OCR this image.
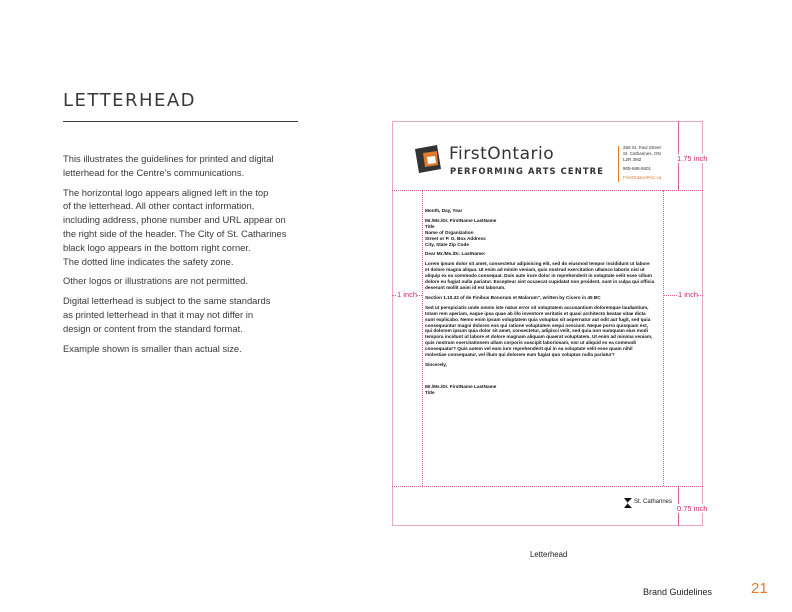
LETTERHEAD

This illustrates the guidelines for printed and digital
letterhead for the Centre’s communications.

The horizontal logo appears aligned left in the top
of the letterhead. All other contact information,
including address, phone number and URL appear on
the right side of the header. The City of St. Catharines
black logo appears in the bottom right corner.
The dotted line indicates the safety zone.

Other logos or illustrations are not permitted.

Digital letterhead is subject to the same standards
as printed letterhead in that it may not differ in
design or content from the standard format.

Example shown is smaller than actual size.

1.75 inch
1 inch	1 inch
0.75 inch
FirstOntario
PERFORMING ARTS CENTRE
250 St. Paul Street
St. Catharines, ON
L2R 3M2
905-688-5601
FirstOntarioPAC.ca
Month, Day, Year
Mr./Ms./Dr. FirstName LastName
Title
Name of Organization
Street or P. O. Box Address
City, State Zip Code
Dear Mr./Ms./Dr. LastName:
Lorem ipsum dolor sit amet, consectetur adipisicing elit, sed do eiusmod tempor incididunt ut labore et dolore magna aliqua. Ut enim ad minim veniam, quis nostrud exercitation ullamco laboris nisi ut aliquip ex ea commodo consequat. Duis aute irure dolor in reprehenderit in voluptate velit esse cillum dolore eu fugiat nulla pariatur. Excepteur sint occaecat cupidatat non proident, sunt in culpa qui officia deserunt mollit anim id est laborum.
Section 1.10.32 of de Finibus Bonorum et Malorum", written by Cicero in 45 BC
Sed ut perspiciatis unde omnis iste natus error sit voluptatem accusantium doloremque laudantium, totam rem aperiam, eaque ipsa quae ab illo inventore veritatis et quasi architecto beatae vitae dicta sunt explicabo. Nemo enim ipsam voluptatem quia voluptas sit aspernatur aut odit aut fugit, sed quia consequuntur magni dolores eos qui ratione voluptatem sequi nesciunt. Neque porro quisquam est, qui dolorem ipsum quia dolor sit amet, consectetur, adipisci velit, sed quia non numquam eius modi tempora incidunt ut labore et dolore magnam aliquam quaerat voluptatem. Ut enim ad minima veniam, quis nostrum exercitationem ullam corporis suscipit laboriosam, nisi ut aliquid ex ea commodi consequatur? Quis autem vel eum iure reprehenderit qui in ea voluptate velit esse quam nihil molestiae consequatur, vel illum qui dolorem eum fugiat quo voluptas nulla pariatur?
Sincerely,
Mr./Ms./Dr. FirstName LastName
Title
St. Catharines
Letterhead
Brand Guidelines	21
